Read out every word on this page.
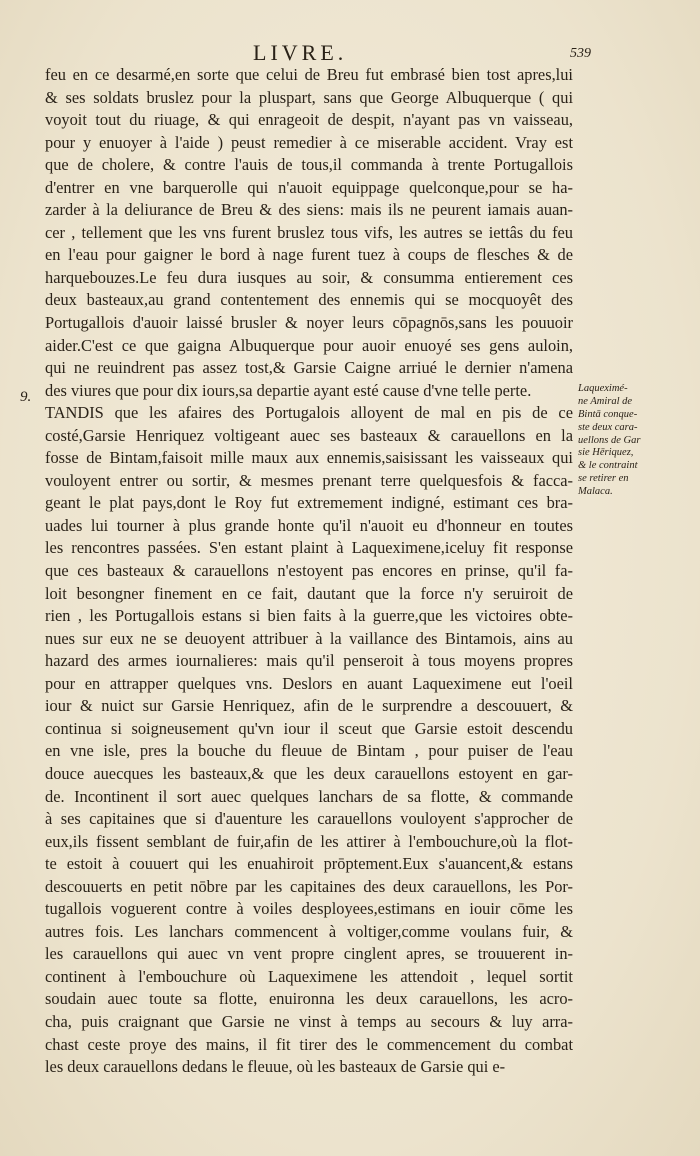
LIVRE.	539
9.
feu en ce desarmé,en sorte que celui de Breu fut embrasé bien tost apres,lui
& ses soldats bruslez pour la pluspart, sans que George Albuquerque ( qui
voyoit tout du riuage, & qui enrageoit de despit, n'ayant pas vn vaisseau,
pour y enuoyer à l'aide ) peust remedier à ce miserable accident. Vray est
que de cholere, & contre l'auis de tous,il commanda à trente Portugallois
d'entrer en vne barquerolle qui n'auoit equippage quelconque,pour se ha-
zarder à la deliurance de Breu & des siens: mais ils ne peurent iamais auan-
cer , tellement que les vns furent bruslez tous vifs, les autres se iettâs du feu
en l'eau pour gaigner le bord à nage furent tuez à coups de flesches & de
harquebouzes.Le feu dura iusques au soir, & consumma entierement ces
deux basteaux,au grand contentement des ennemis qui se mocquoyêt des
Portugallois d'auoir laissé brusler & noyer leurs cōpagnōs,sans les pouuoir
aider.C'est ce que gaigna Albuquerque pour auoir enuoyé ses gens auloin,
qui ne reuindrent pas assez tost,& Garsie Caigne arriué le dernier n'amena
des viures que pour dix iours,sa departie ayant esté cause d'vne telle perte.
TANDIS que les afaires des Portugalois alloyent de mal en pis de ce
costé,Garsie Henriquez voltigeant auec ses basteaux & carauellons en la
fosse de Bintam,faisoit mille maux aux ennemis,saisissant les vaisseaux qui
vouloyent entrer ou sortir, & mesmes prenant terre quelquesfois & facca-
geant le plat pays,dont le Roy fut extremement indigné, estimant ces bra-
uades lui tourner à plus grande honte qu'il n'auoit eu d'honneur en toutes
les rencontres passées. S'en estant plaint à Laqueximene,iceluy fit responsе
que ces basteaux & carauellons n'estoyent pas encores en prinse, qu'il fa-
loit besongner finement en ce fait, dautant que la force n'y seruiroit de
rien , les Portugallois estans si bien faits à la guerre,que les victoires obte-
nues sur eux ne se deuoyent attribuer à la vaillance des Bintamois, ains au
hazard des armes iournalieres: mais qu'il penseroit à tous moyens propres
pour en attrapper quelques vns. Deslors en auant Laqueximene eut l'oeil
iour & nuict sur Garsie Henriquez, afin de le surprendre a descouuert, &
continua si soigneusement qu'vn iour il sceut que Garsie estoit descendu
en vne isle, pres la bouche du fleuue de Bintam , pour puiser de l'eau
douce auecques les basteaux,& que les deux carauellons estoyent en gar-
de. Incontinent il sort auec quelques lanchars de sa flotte, & commande
à ses capitaines que si d'auenture les carauellons vouloyent s'approcher de
eux,ils fissent semblant de fuir,afin de les attirer à l'embouchure,où la flot-
te estoit à couuert qui les enuahiroit prōptement.Eux s'auancent,& estans
descouuerts en petit nōbre par les capitaines des deux carauellons, les Por-
tugallois voguerent contre à voiles desployees,estimans en iouir cōme les
autres fois. Les lanchars commencent à voltiger,comme voulans fuir, &
les carauellons qui auec vn vent propre cinglent apres, se trouuerent in-
continent à l'embouchure où Laqueximene les attendoit , lequel sortit
soudain auec toute sa flotte, enuironna les deux carauellons, les acro-
cha, puis craignant que Garsie ne vinst à temps au secours & luy arra-
chast ceste proye des mains, il fit tirer des le commencement du combat
les deux carauellons dedans le fleuue, où les basteaux de Garsie qui e-
Laqueximé-
ne Amiral de
Bintā conque-
ste deux cara-
uellons de Gar
sie Hēriquez,
& le contraint
se retirer en
Malaca.
